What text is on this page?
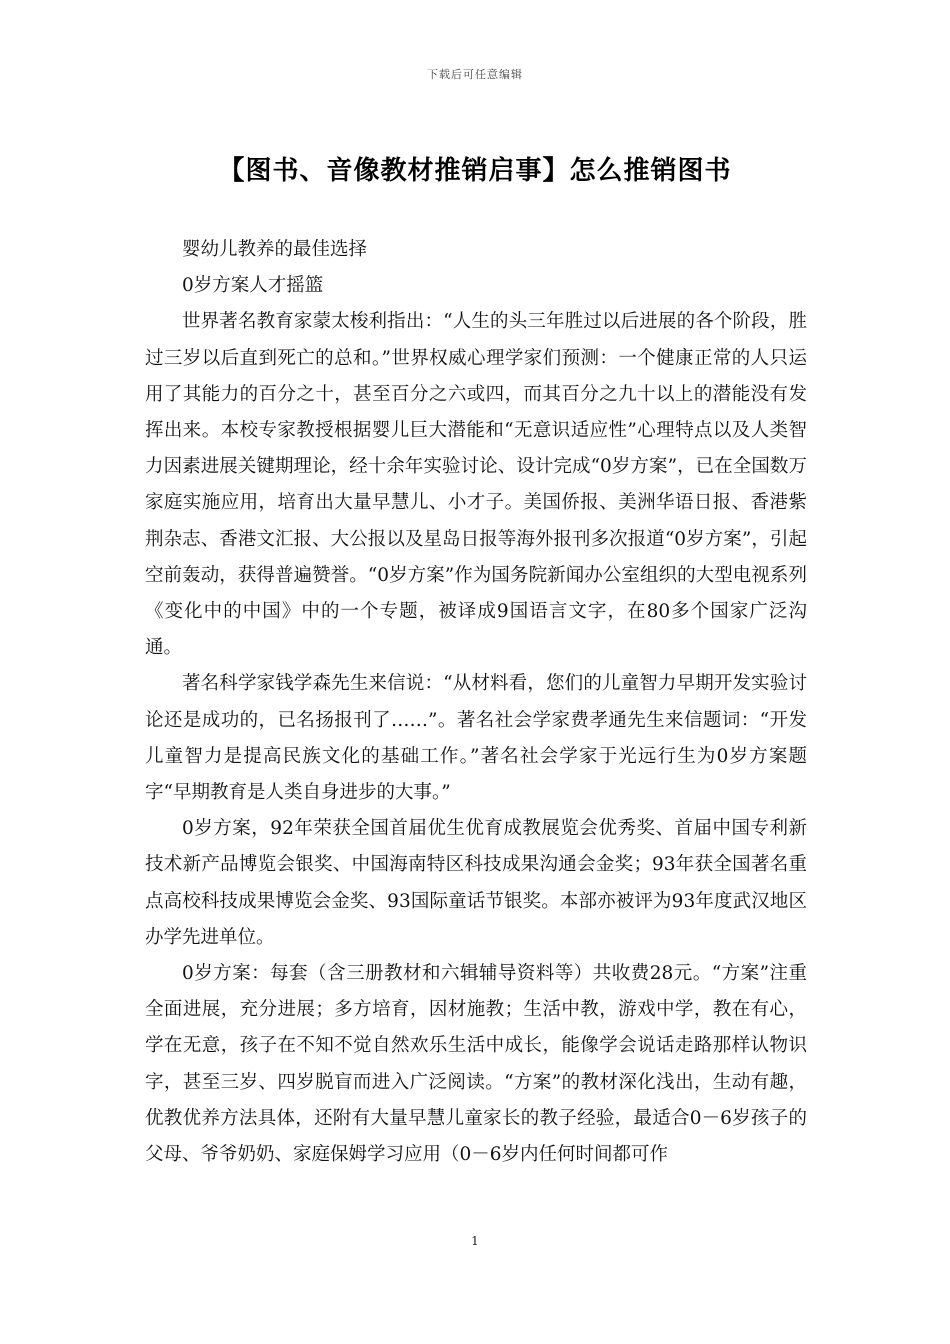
下载后可任意编辑
【图书、音像教材推销启事】怎么推销图书

婴幼儿教养的最佳选择

0岁方案人才摇篮

世界著名教育家蒙太梭利指出：“人生的头三年胜过以后进展的各个阶段，胜过三岁以后直到死亡的总和。”世界权威心理学家们预测：一个健康正常的人只运用了其能力的百分之十，甚至百分之六或四，而其百分之九十以上的潜能没有发挥出来。本校专家教授根据婴儿巨大潜能和“无意识适应性”心理特点以及人类智力因素进展关键期理论，经十余年实验讨论、设计完成“0岁方案”，已在全国数万家庭实施应用，培育出大量早慧儿、小才子。美国侨报、美洲华语日报、香港紫荆杂志、香港文汇报、大公报以及星岛日报等海外报刊多次报道“0岁方案”，引起空前轰动，获得普遍赞誉。“0岁方案”作为国务院新闻办公室组织的大型电视系列《变化中的中国》中的一个专题，被译成9国语言文字，在80多个国家广泛沟通。

著名科学家钱学森先生来信说：“从材料看，您们的儿童智力早期开发实验讨论还是成功的，已名扬报刊了……”。著名社会学家费孝通先生来信题词：“开发儿童智力是提高民族文化的基础工作。”著名社会学家于光远行生为0岁方案题字“早期教育是人类自身进步的大事。”

0岁方案，92年荣获全国首届优生优育成教展览会优秀奖、首届中国专利新技术新产品博览会银奖、中国海南特区科技成果沟通会金奖；93年获全国著名重点高校科技成果博览会金奖、93国际童话节银奖。本部亦被评为93年度武汉地区办学先进单位。

0岁方案：每套（含三册教材和六辑辅导资料等）共收费28元。“方案”注重全面进展，充分进展；多方培育，因材施教；生活中教，游戏中学，教在有心，学在无意，孩子在不知不觉自然欢乐生活中成长，能像学会说话走路那样认物识字，甚至三岁、四岁脱盲而进入广泛阅读。“方案”的教材深化浅出，生动有趣，优教优养方法具体，还附有大量早慧儿童家长的教子经验，最适合0－6岁孩子的父母、爷爷奶奶、家庭保姆学习应用（0－6岁内任何时间都可作

1
